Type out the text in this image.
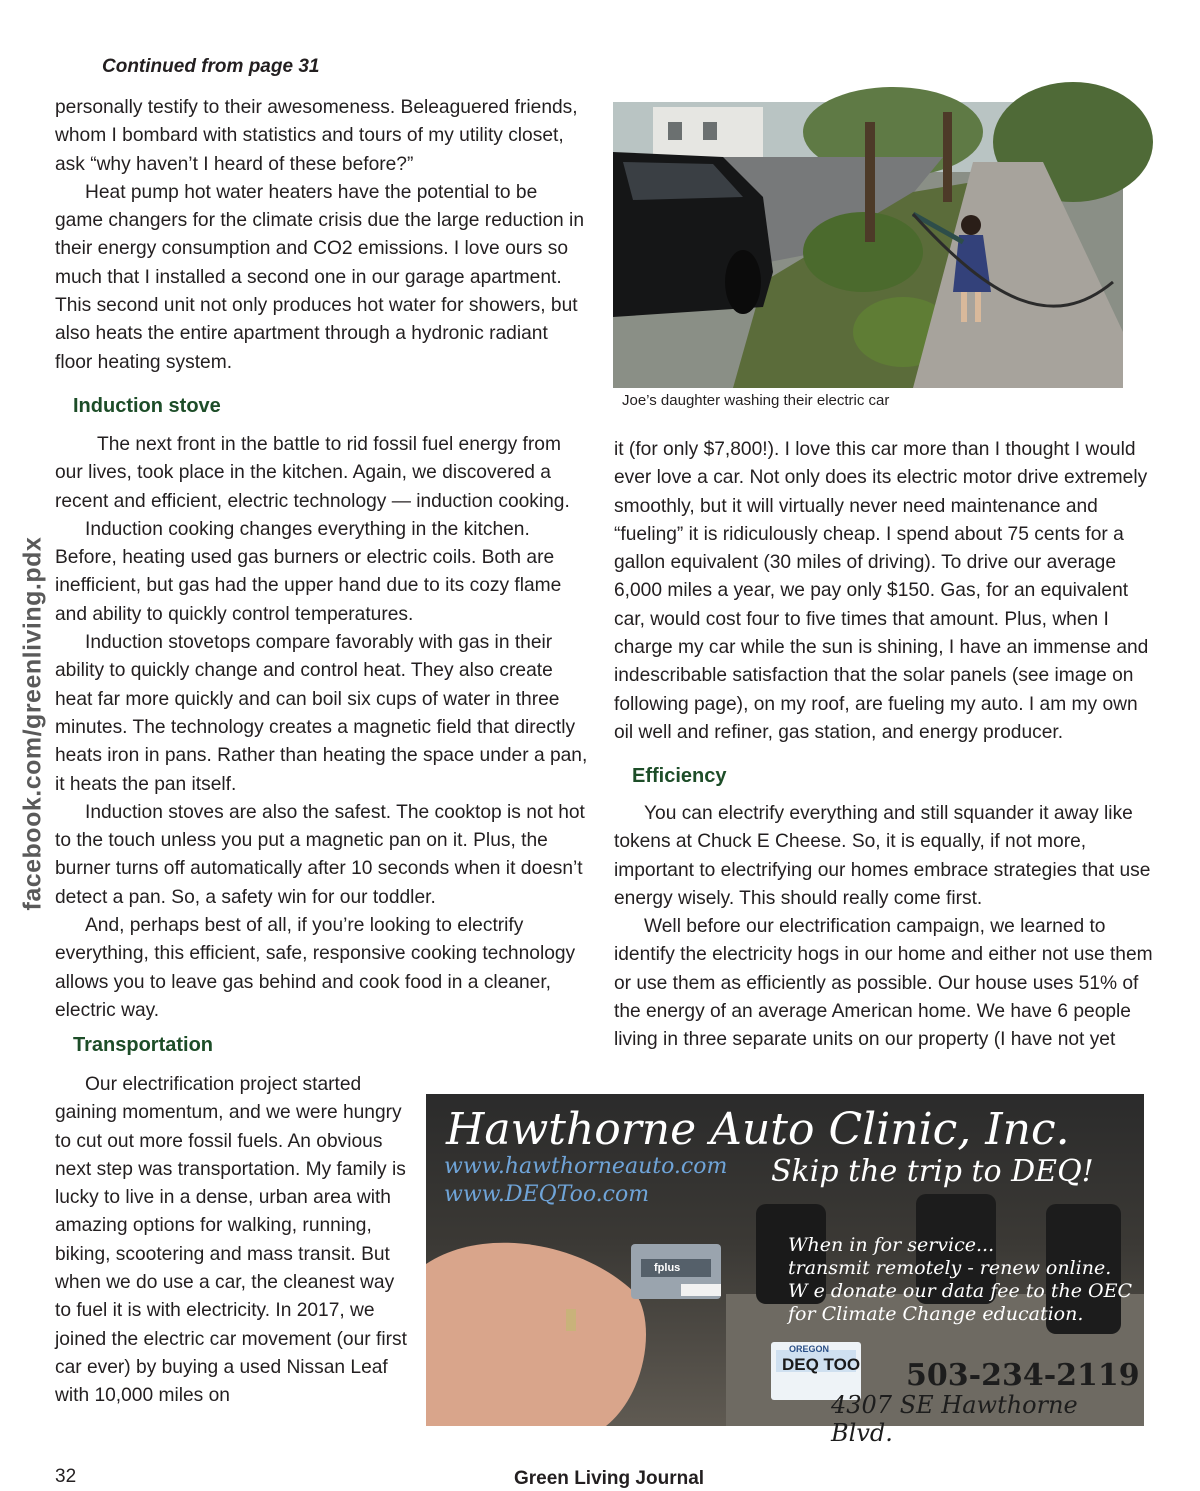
Continued from page 31
facebook.com/greenliving.pdx

personally testify to their awesomeness. Beleaguered friends, whom I bombard with statistics and tours of my utility closet, ask “why haven’t I heard of these before?”

Heat pump hot water heaters have the potential to be game changers for the climate crisis due the large reduction in their energy consumption and CO2 emissions. I love ours so much that I installed a second one in our garage apartment. This second unit not only produces hot water for showers, but also heats the entire apartment through a hydronic radiant floor heating system.

Induction stove

The next front in the battle to rid fossil fuel energy from our lives, took place in the kitchen. Again, we discovered a recent and efficient, electric technology — induction cooking.

Induction cooking changes everything in the kitchen. Before, heating used gas burners or electric coils. Both are inefficient, but gas had the upper hand due to its cozy flame and ability to quickly control temperatures.

Induction stovetops compare favorably with gas in their ability to quickly change and control heat. They also create heat far more quickly and can boil six cups of water in three minutes. The technology creates a magnetic field that directly heats iron in pans. Rather than heating the space under a pan, it heats the pan itself.

Induction stoves are also the safest. The cooktop is not hot to the touch unless you put a magnetic pan on it. Plus, the burner turns off automatically after 10 seconds when it doesn’t detect a pan. So, a safety win for our toddler.

And, perhaps best of all, if you’re looking to electrify everything, this efficient, safe, responsive cooking technology allows you to leave gas behind and cook food in a cleaner, electric way.

Transportation

Our electrification project started gaining momentum, and we were hungry to cut out more fossil fuels. An obvious next step was transportation. My family is lucky to live in a dense, urban area with amazing options for walking, running, biking, scootering and mass transit. But when we do use a car, the cleanest way to fuel it is with electricity. In 2017, we joined the electric car movement (our first car ever) by buying a used Nissan Leaf with 10,000 miles on

Joe’s daughter washing their electric car

it (for only $7,800!). I love this car more than I thought I would ever love a car. Not only does its electric motor drive extremely smoothly, but it will virtually never need maintenance and “fueling” it is ridiculously cheap. I spend about 75 cents for a gallon equivalent (30 miles of driving). To drive our average 6,000 miles a year, we pay only $150. Gas, for an equivalent car, would cost four to five times that amount. Plus, when I charge my car while the sun is shining, I have an immense and indescribable satisfaction that the solar panels (see image on following page), on my roof, are fueling my auto. I am my own oil well and refiner, gas station, and energy producer.

Efficiency

You can electrify everything and still squander it away like tokens at Chuck E Cheese. So, it is equally, if not more, important to electrifying our homes embrace strategies that use energy wisely. This should really come first.

Well before our electrification campaign, we learned to identify the electricity hogs in our home and either not use them or use them as efficiently as possible. Our house uses 51% of the energy of an average American home. We have 6 people living in three separate units on our property (I have not yet

Hawthorne Auto Clinic, Inc.
www.hawthorneauto.com
www.DEQToo.com
Skip the trip to DEQ!
fplus
When in for service...
transmit remotely - renew online.
W e donate our data fee to the OEC
for Climate Change education.
OREGON
DEQ TOO 503-234-2119
4307 SE Hawthorne Blvd.
32	Green Living Journal
